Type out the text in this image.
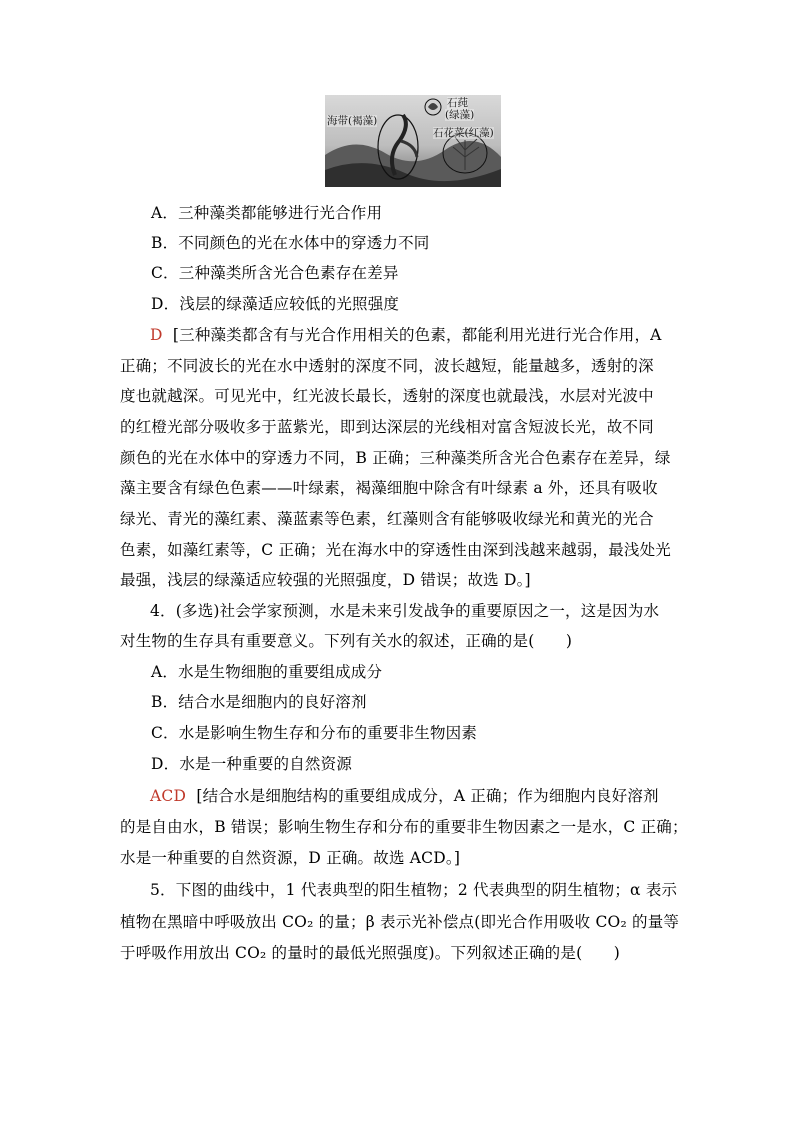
海带(褐藻)
石莼
(绿藻)
石花菜(红藻)
A．三种藻类都能够进行光合作用
B．不同颜色的光在水体中的穿透力不同
C．三种藻类所含光合色素存在差异
D．浅层的绿藻适应较低的光照强度
D [三种藻类都含有与光合作用相关的色素，都能利用光进行光合作用，A
正确；不同波长的光在水中透射的深度不同，波长越短，能量越多，透射的深
度也就越深。可见光中，红光波长最长，透射的深度也就最浅，水层对光波中
的红橙光部分吸收多于蓝紫光，即到达深层的光线相对富含短波长光，故不同
颜色的光在水体中的穿透力不同，B 正确；三种藻类所含光合色素存在差异，绿
藻主要含有绿色色素——叶绿素，褐藻细胞中除含有叶绿素 a 外，还具有吸收
绿光、青光的藻红素、藻蓝素等色素，红藻则含有能够吸收绿光和黄光的光合
色素，如藻红素等，C 正确；光在海水中的穿透性由深到浅越来越弱，最浅处光
最强，浅层的绿藻适应较强的光照强度，D 错误；故选 D。]
4．(多选)社会学家预测，水是未来引发战争的重要原因之一，这是因为水
对生物的生存具有重要意义。下列有关水的叙述，正确的是(　　)
A．水是生物细胞的重要组成成分
B．结合水是细胞内的良好溶剂
C．水是影响生物生存和分布的重要非生物因素
D．水是一种重要的自然资源
ACD [结合水是细胞结构的重要组成成分，A 正确；作为细胞内良好溶剂
的是自由水，B 错误；影响生物生存和分布的重要非生物因素之一是水，C 正确；
水是一种重要的自然资源，D 正确。故选 ACD。]
5．下图的曲线中，1 代表典型的阳生植物；2 代表典型的阴生植物；α 表示
植物在黑暗中呼吸放出 CO₂ 的量；β 表示光补偿点(即光合作用吸收 CO₂ 的量等
于呼吸作用放出 CO₂ 的量时的最低光照强度)。下列叙述正确的是(　　)
